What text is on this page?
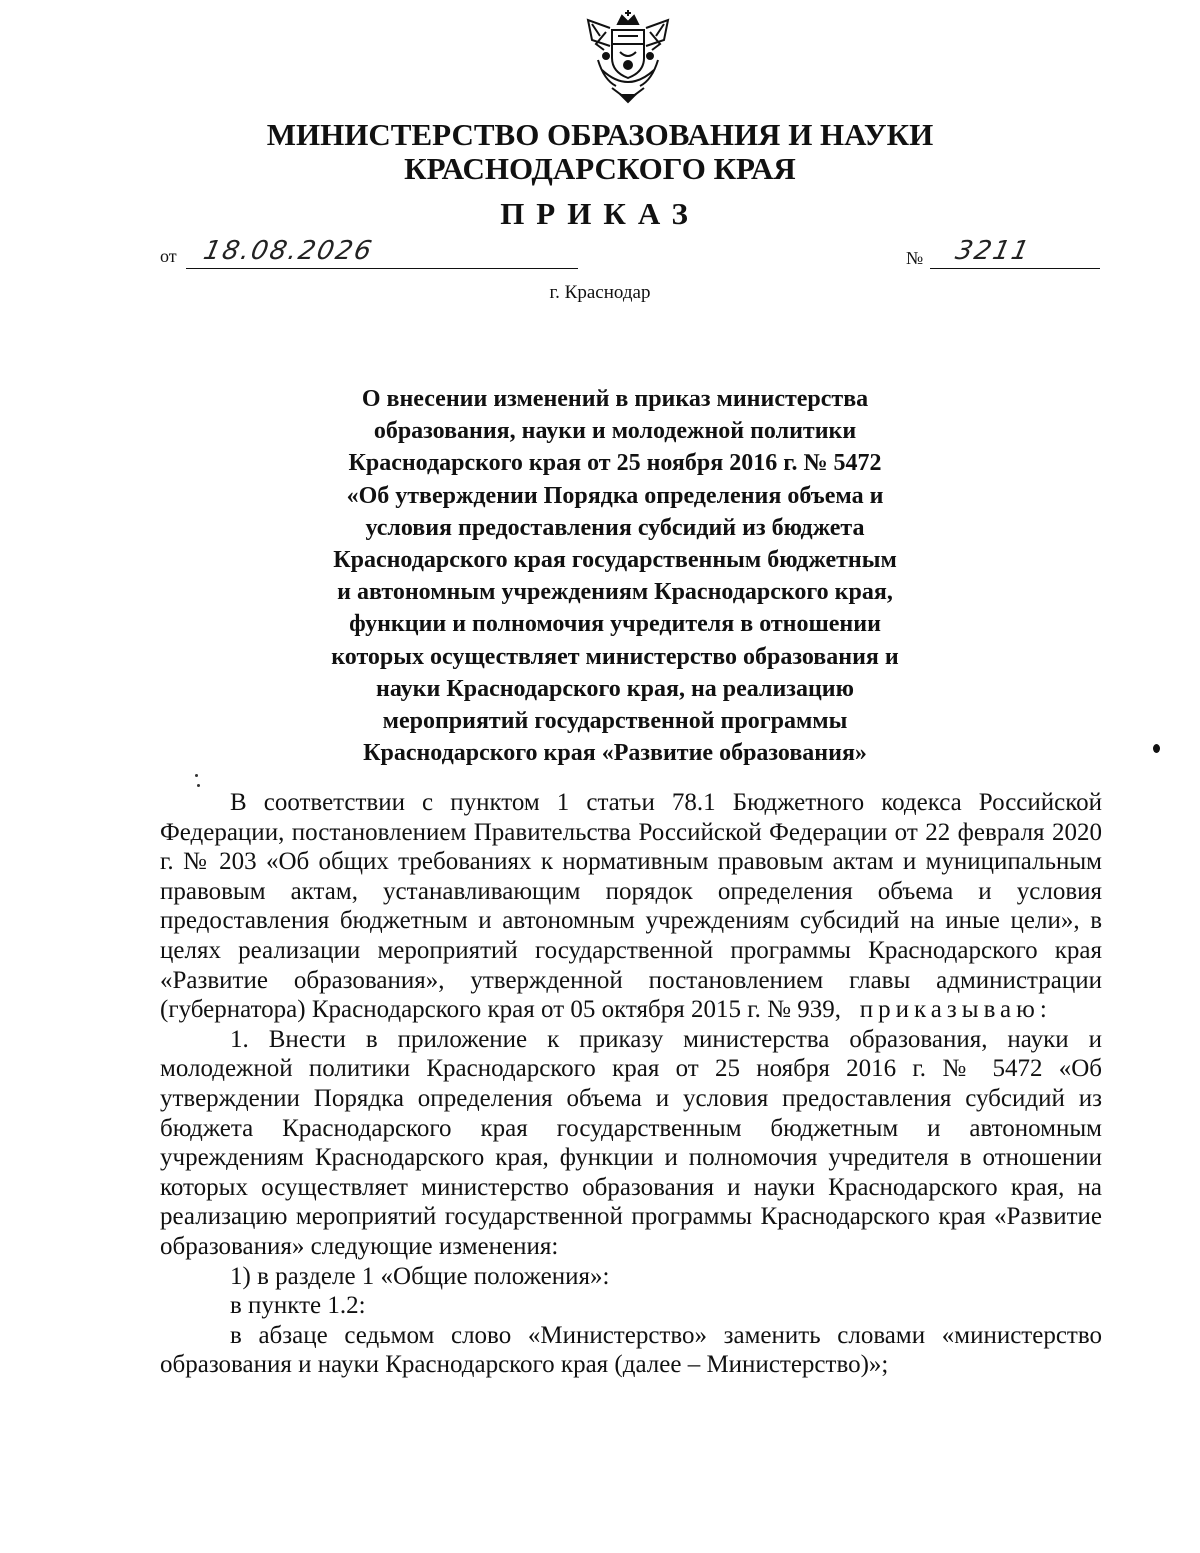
МИНИСТЕРСТВО ОБРАЗОВАНИЯ И НАУКИ
КРАСНОДАРСКОГО КРАЯ
ПРИКАЗ
от 18.08.2026	№ 3211
г. Краснодар
О внесении изменений в приказ министерства
образования, науки и молодежной политики
Краснодарского края от 25 ноября 2016 г. № 5472
«Об утверждении Порядка определения объема и
условия предоставления субсидий из бюджета
Краснодарского края государственным бюджетным
и автономным учреждениям Краснодарского края,
функции и полномочия учредителя в отношении
которых осуществляет министерство образования и
науки Краснодарского края, на реализацию
мероприятий государственной программы
Краснодарского края «Развитие образования»

В соответствии с пунктом 1 статьи 78.1 Бюджетного кодекса Российской Федерации, постановлением Правительства Российской Федерации от 22 февраля 2020 г. № 203 «Об общих требованиях к нормативным правовым актам и муниципальным правовым актам, устанавливающим порядок определения объема и условия предоставления бюджетным и автономным учреждениям субсидий на иные цели», в целях реализации мероприятий государственной программы Краснодарского края «Развитие образования», утвержденной постановлением главы администрации (губернатора) Краснодарского края от 05 октября 2015 г. № 939, приказываю:

1. Внести в приложение к приказу министерства образования, науки и молодежной политики Краснодарского края от 25 ноября 2016 г. № 5472 «Об утверждении Порядка определения объема и условия предоставления субсидий из бюджета Краснодарского края государственным бюджетным и автономным учреждениям Краснодарского края, функции и полномочия учредителя в отношении которых осуществляет министерство образования и науки Краснодарского края, на реализацию мероприятий государственной программы Краснодарского края «Развитие образования» следующие изменения:

1) в разделе 1 «Общие положения»:

в пункте 1.2:

в абзаце седьмом слово «Министерство» заменить словами «министерство образования и науки Краснодарского края (далее – Министерство)»;
